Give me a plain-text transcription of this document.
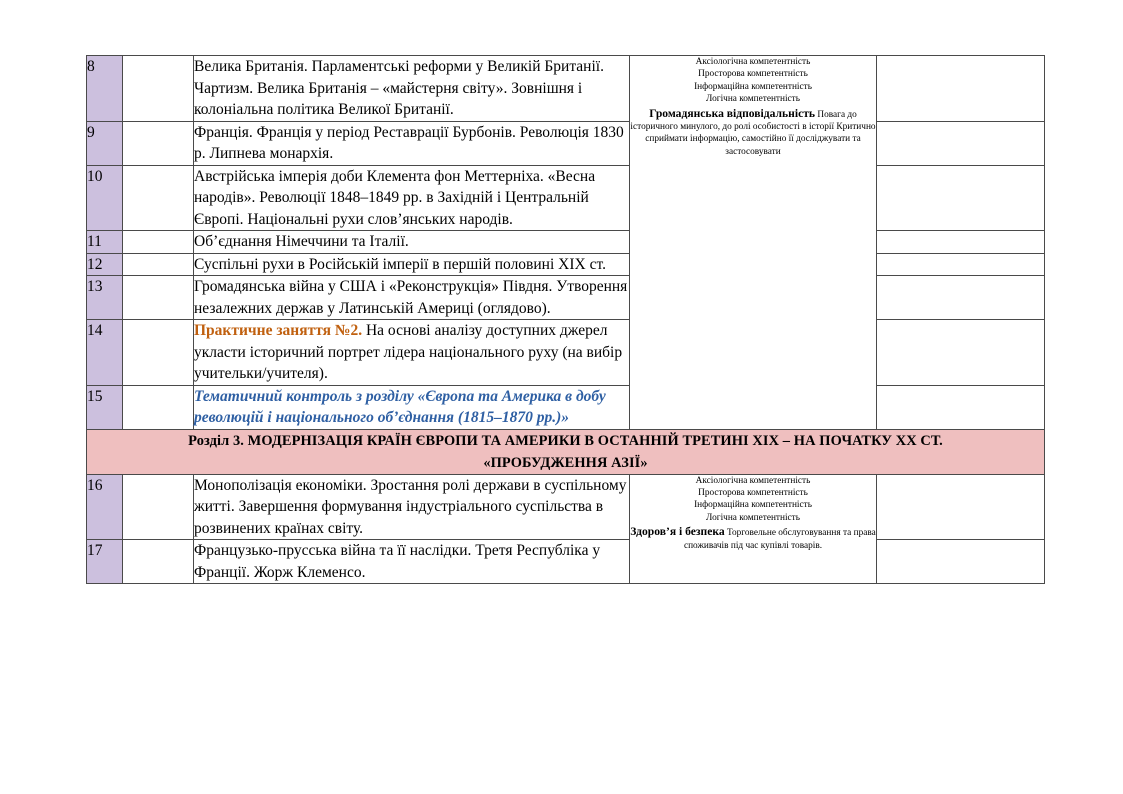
8		Велика Британія. Парламентські реформи у Великій Британії. Чартизм. Велика Британія – «майстерня світу». Зовнішня і колоніальна політика Великої Британії.	Аксіологічна компетентність
Просторова компетентність
Інформаційна компетентність
Логічна компетентність
Громадянська відповідальність Повага до історичного минулого, до ролі особистості в історії Критично сприймати інформацію, самостійно її досліджувати та застосовувати	
9		Франція. Франція у період Реставрації Бурбонів. Революція 1830 р. Липнева монархія.		
10		Австрійська імперія доби Клемента фон Меттерніха. «Весна народів». Революції 1848–1849 рр. в Західній і Центральній Європі. Національні рухи слов’янських народів.		
11		Об’єднання Німеччини та Італії.		
12		Суспільні рухи в Російській імперії в першій половині ХІХ ст.		
13		Громадянська війна у США і «Реконструкція» Півдня. Утворення незалежних держав у Латинській Америці (оглядово).		
14		Практичне заняття №2. На основі аналізу доступних джерел укласти історичний портрет лідера національного руху (на вибір учительки/учителя).		
15		Тематичний контроль з розділу «Європа та Америка в добу революцій і національного об’єднання (1815–1870 рр.)»		

Розділ 3. МОДЕРНІЗАЦІЯ КРАЇН ЄВРОПИ ТА АМЕРИКИ В ОСТАННІЙ ТРЕТИНІ ХІХ – НА ПОЧАТКУ ХХ СТ.
«ПРОБУДЖЕННЯ АЗІЇ»				

16		Монополізація економіки. Зростання ролі держави в суспільному житті. Завершення формування індустріального суспільства в розвинених країнах світу.	Аксіологічна компетентність
Просторова компетентність
Інформаційна компетентність
Логічна компетентність
Здоров’я і безпека Торговельне обслуговування та права споживачів під час купівлі товарів.	
17		Французько-прусська війна та її наслідки. Третя Республіка у Франції. Жорж Клеменсо.		
